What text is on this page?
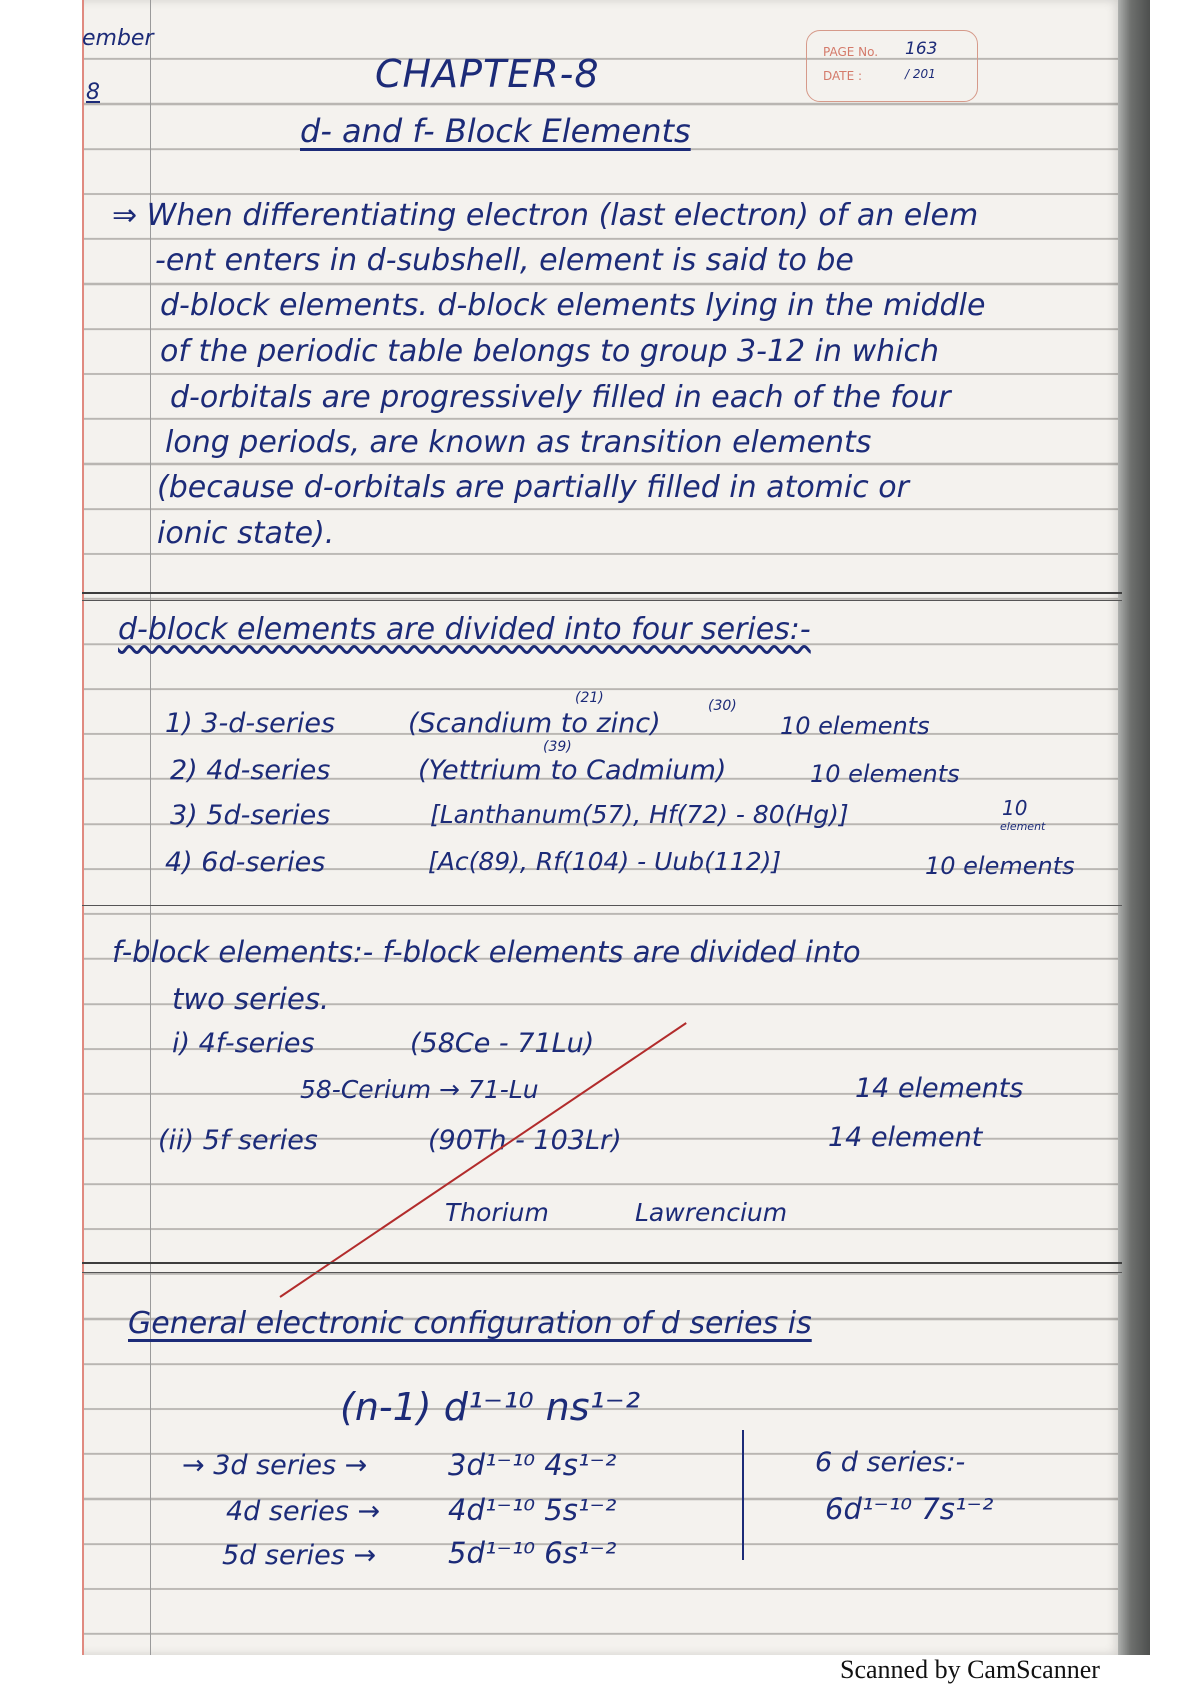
ember
8
PAGE No. 163
DATE :	/ 201
CHAPTER-8
d- and f- Block Elements
⇒ When differentiating electron (last electron) of an elem
-ent enters in d-subshell, element is said to be
d-block elements. d-block elements lying in the middle
of the periodic table belongs to group 3-12 in which
d-orbitals are progressively filled in each of the four
long periods, are known as transition elements
(because d-orbitals are partially filled in atomic or
ionic state).
d-block elements are divided into four series:-
(21)	(30)
1) 3-d-series	(Scandium to zinc)	10 elements
(39)
2) 4d-series	(Yettrium to Cadmium)	10 elements
3) 5d-series	[Lanthanum(57), Hf(72) - 80(Hg)]	10
element
4) 6d-series	[Ac(89), Rf(104) - Uub(112)]	10 elements
f-block elements:- f-block elements are divided into
two series.
i) 4f-series	(58Ce - 71Lu)
58-Cerium → 71-Lu	14 elements
(ii) 5f series	(90Th - 103Lr)	14 element
Thorium	Lawrencium
General electronic configuration of d series is
(n-1) d¹⁻¹⁰ ns¹⁻²
→ 3d series →	3d¹⁻¹⁰ 4s¹⁻²
4d series → 4d¹⁻¹⁰ 5s¹⁻²
5d series → 5d¹⁻¹⁰ 6s¹⁻²
6 d series:-
6d¹⁻¹⁰ 7s¹⁻²
Scanned by CamScanner
